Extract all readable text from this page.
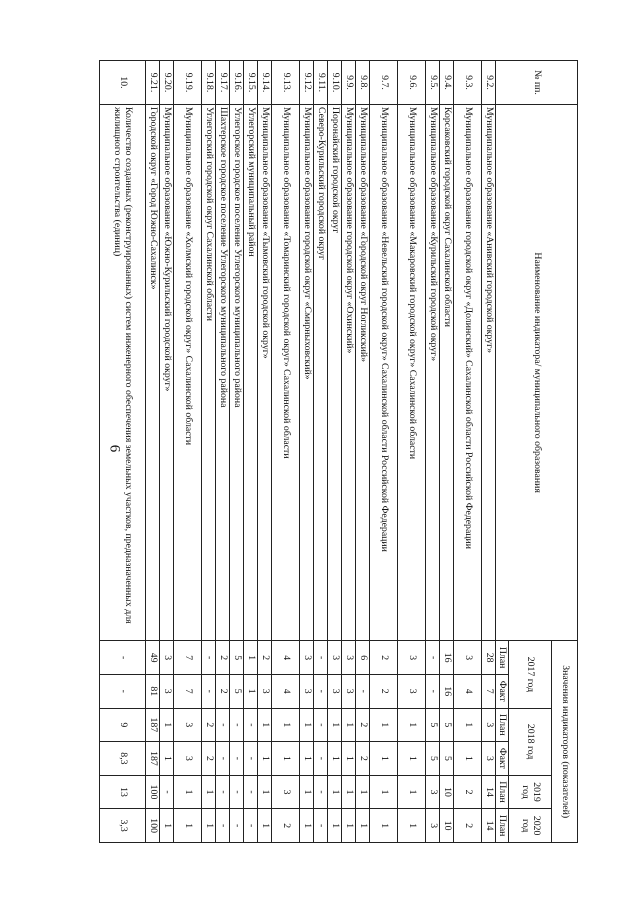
6
№ пп.	Наименование индикатора/ муниципального образования	Значения индикаторов (показателей)					
		2017 год		2018 год		2019 год	2020 год

		План	Факт	План	Факт	План	План
9.2.	Муниципальное образование «Анивский городской округ»	28	7	3	3	14	14
9.3.	Муниципальное образование городской округ «Долинский» Сахалинской области Российской Федерации	3	4	1	1	2	2
9.4.	Корсаковский городской округ Сахалинской области	16	16	5	5	10	10
9.5.	Муниципальное образование «Курильский городской округ»	-	-	5	5	3	3
9.6.	Муниципальное образование «Макаровский городской округ» Сахалинской области	3	3	1	1	1	1
9.7.	Муниципальное образование «Невельский городской округ» Сахалинской области Российской Федерации	2	2	1	1	1	1
9.8.	Муниципальное образование «Городской округ Ногликский»	6	-	2	2	1	1
9.9.	Муниципальное образование городской округ «Охинский»	3	3	1	1	1	1
9.10.	Поронайский городской округ	3	3	1	1	1	1
9.11.	Северо-Курильский городской округ	-	-	-	-	-	-
9.12.	Муниципальное образование городской округ «Смирныховский»	3	3	1	1	1	1
9.13.	Муниципальное образование «Томаринский городской округ» Сахалинской области	4	4	1	1	3	2
9.14.	Муниципальное образование «Тымовский городской округ»	2	3	1	1	1	1
9.15.	Углегорский муниципальный район	1	1	-	-	-	-
9.16.	Углегорское городское поселение Углегорского муниципального района	5	5	-	-	-	-
9.17.	Шахтерское городское поселение Углегорского муниципального района	2	2	-	-	-	-
9.18.	Углегорский городской округ Сахалинской области	-	-	2	2	1	1
9.19.	Муниципальное образование «Холмский городской округ» Сахалинской области	7	7	3	3	1	1
9.20.	Муниципальное образование «Южно-Курильский городской округ»	3	3	1	1	-	1
9.21.	Городской округ «Город Южно-Сахалинск»	49	81	187	187	100	100
10.	Количество созданных (реконструированных) систем инженерного обеспечения земельных участков, предназначенных для жилищного строительства (единиц)	-	-	9	8,3	13	3,3
